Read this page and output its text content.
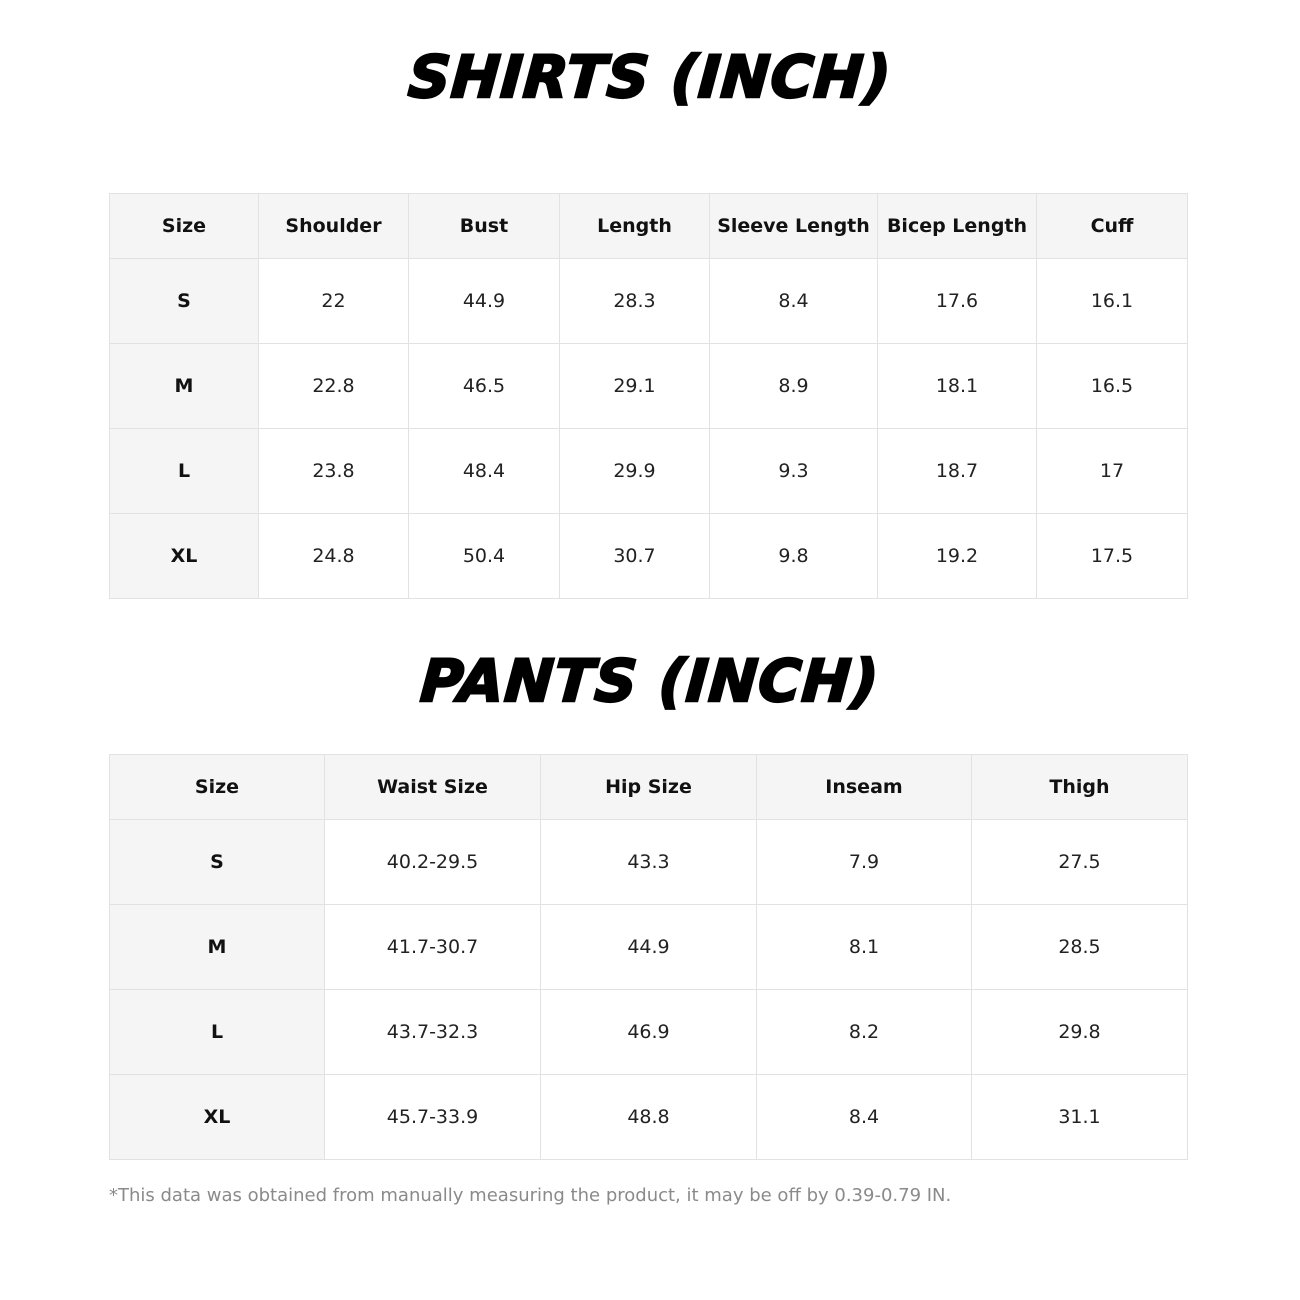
SHIRTS (INCH)
Size	Shoulder	Bust	Length	Sleeve Length	Bicep Length	Cuff
S	22	44.9	28.3	8.4	17.6	16.1
M	22.8	46.5	29.1	8.9	18.1	16.5
L	23.8	48.4	29.9	9.3	18.7	17
XL	24.8	50.4	30.7	9.8	19.2	17.5
PANTS (INCH)
Size	Waist Size	Hip Size	Inseam	Thigh
S	40.2-29.5	43.3	7.9	27.5
M	41.7-30.7	44.9	8.1	28.5
L	43.7-32.3	46.9	8.2	29.8
XL	45.7-33.9	48.8	8.4	31.1
*This data was obtained from manually measuring the product, it may be off by 0.39-0.79 IN.
